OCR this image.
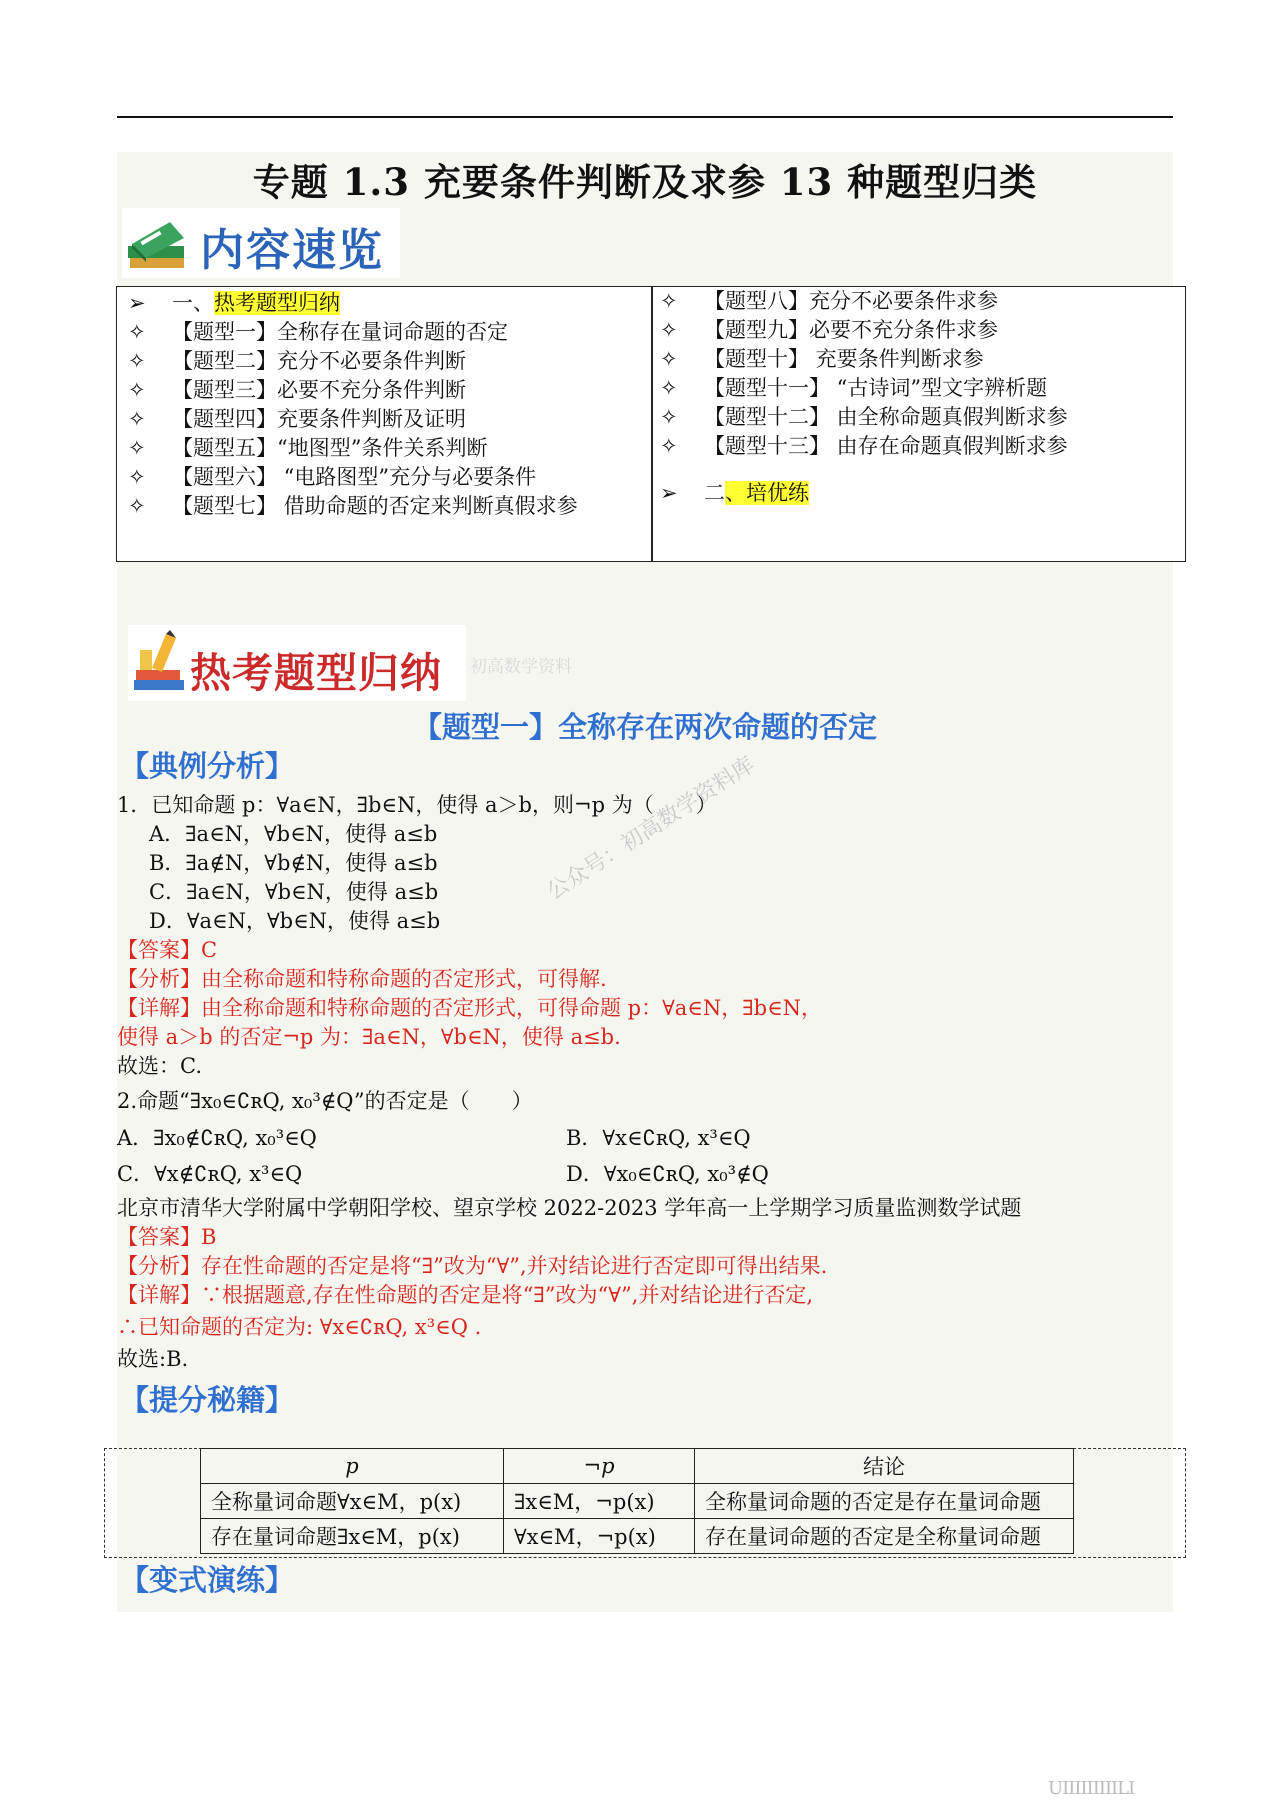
专题 1.3 充要条件判断及求参 13 种题型归类
内容速览
➢ 一、热考题型归纳
✧ 【题型一】全称存在量词命题的否定
✧ 【题型二】充分不必要条件判断
✧ 【题型三】必要不充分条件判断
✧ 【题型四】充要条件判断及证明
✧ 【题型五】“地图型”条件关系判断
✧ 【题型六】 “电路图型”充分与必要条件
✧ 【题型七】 借助命题的否定来判断真假求参
✧ 【题型八】充分不必要条件求参
✧ 【题型九】必要不充分条件求参
✧ 【题型十】 充要条件判断求参
✧ 【题型十一】 “古诗词”型文字辨析题
✧ 【题型十二】 由全称命题真假判断求参
✧ 【题型十三】 由存在命题真假判断求参
➢ 二、培优练
热考题型归纳 初高数学资料
【题型一】全称存在两次命题的否定
【典例分析】
1．已知命题 p：∀a∈N，∃b∈N，使得 a＞b，则¬p 为（　　）
A．∃a∈N，∀b∈N，使得 a≤b
B．∃a∉N，∀b∉N，使得 a≤b
C．∃a∈N，∀b∈N，使得 a≤b
D．∀a∈N，∀b∈N，使得 a≤b
【答案】C
【分析】由全称命题和特称命题的否定形式，可得解.
【详解】由全称命题和特称命题的否定形式，可得命题 p：∀a∈N，∃b∈N，
使得 a＞b 的否定¬p 为：∃a∈N，∀b∈N，使得 a≤b.
故选：C.
公众号：初高数学资料库
2.命题“∃x₀∈∁ʀQ, x₀³∉Q”的否定是（　　）
A．∃x₀∉∁ʀQ, x₀³∈Q	B．∀x∈∁ʀQ, x³∈Q
C．∀x∉∁ʀQ, x³∈Q	D．∀x₀∈∁ʀQ, x₀³∉Q
北京市清华大学附属中学朝阳学校、望京学校 2022-2023 学年高一上学期学习质量监测数学试题
【答案】B
【分析】存在性命题的否定是将“∃”改为“∀”,并对结论进行否定即可得出结果.
【详解】∵根据题意,存在性命题的否定是将“∃”改为“∀”,并对结论进行否定,
∴已知命题的否定为: ∀x∈∁ʀQ, x³∈Q .
故选:B.
【提分秘籍】
p	¬p	结论
全称量词命题∀x∈M，p(x)	∃x∈M，¬p(x)	全称量词命题的否定是存在量词命题
存在量词命题∃x∈M，p(x)	∀x∈M，¬p(x)	存在量词命题的否定是全称量词命题
【变式演练】
UIIIIIIIIILI
